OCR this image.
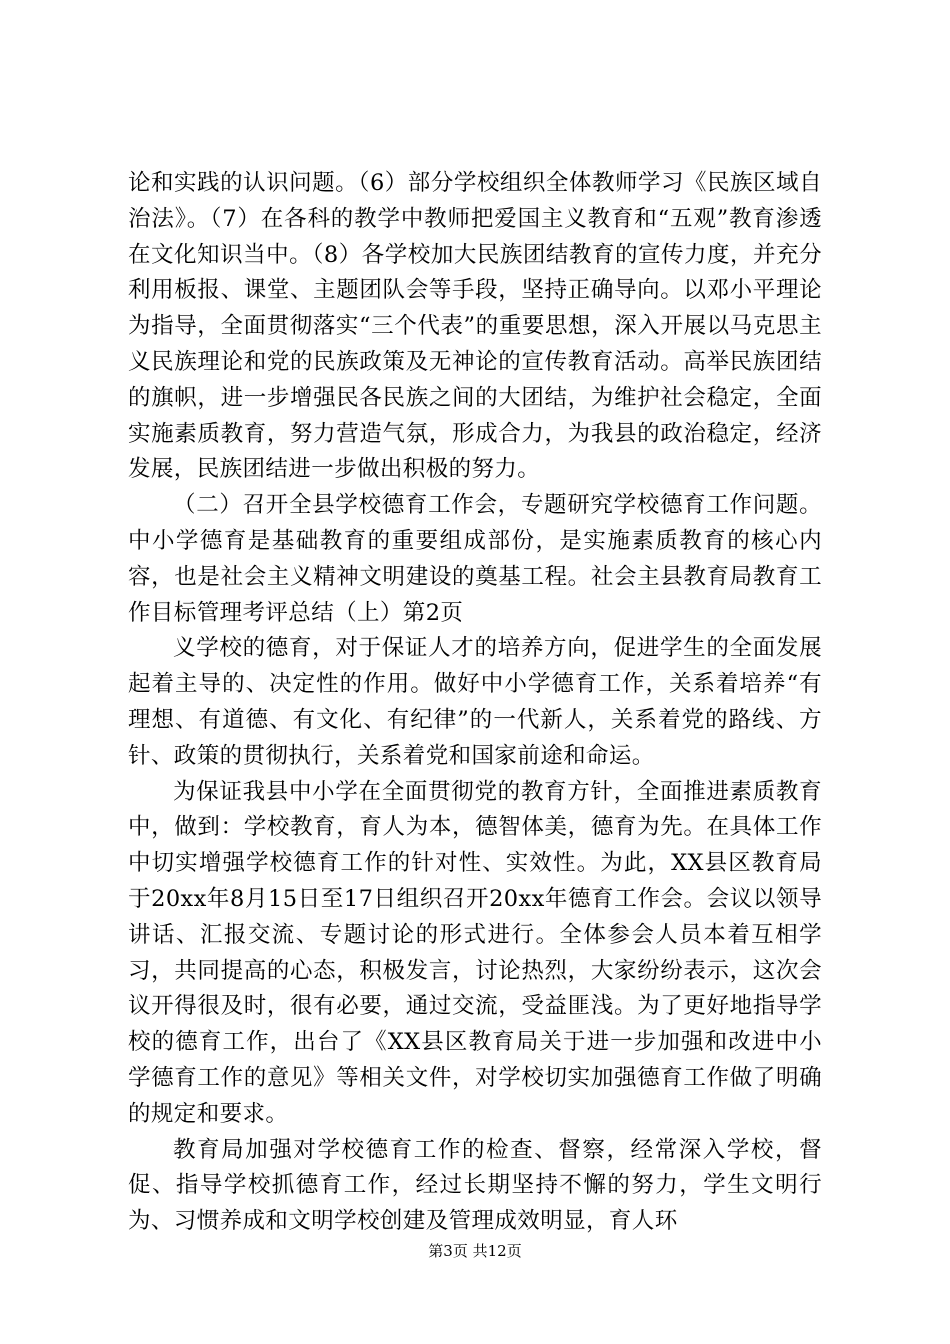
论和实践的认识问题。（6）部分学校组织全体教师学习《民族区域自治法》。（7）在各科的教学中教师把爱国主义教育和“五观”教育渗透在文化知识当中。（8）各学校加大民族团结教育的宣传力度，并充分利用板报、课堂、主题团队会等手段，坚持正确导向。以邓小平理论为指导，全面贯彻落实“三个代表”的重要思想，深入开展以马克思主义民族理论和党的民族政策及无神论的宣传教育活动。高举民族团结的旗帜，进一步增强民各民族之间的大团结，为维护社会稳定，全面实施素质教育，努力营造气氛，形成合力，为我县的政治稳定，经济发展，民族团结进一步做出积极的努力。

（二）召开全县学校德育工作会，专题研究学校德育工作问题。中小学德育是基础教育的重要组成部份，是实施素质教育的核心内容，也是社会主义精神文明建设的奠基工程。社会主县教育局教育工作目标管理考评总结（上）第2页

义学校的德育，对于保证人才的培养方向，促进学生的全面发展起着主导的、决定性的作用。做好中小学德育工作，关系着培养“有理想、有道德、有文化、有纪律”的一代新人，关系着党的路线、方针、政策的贯彻执行，关系着党和国家前途和命运。

为保证我县中小学在全面贯彻党的教育方针，全面推进素质教育中，做到：学校教育，育人为本，德智体美，德育为先。在具体工作中切实增强学校德育工作的针对性、实效性。为此，XX县区教育局于20xx年8月15日至17日组织召开20xx年德育工作会。会议以领导讲话、汇报交流、专题讨论的形式进行。全体参会人员本着互相学习，共同提高的心态，积极发言，讨论热烈，大家纷纷表示，这次会议开得很及时，很有必要，通过交流，受益匪浅。为了更好地指导学校的德育工作，出台了《XX县区教育局关于进一步加强和改进中小学德育工作的意见》等相关文件，对学校切实加强德育工作做了明确的规定和要求。

教育局加强对学校德育工作的检查、督察，经常深入学校，督促、指导学校抓德育工作，经过长期坚持不懈的努力，学生文明行为、习惯养成和文明学校创建及管理成效明显，育人环

第3页 共12页
